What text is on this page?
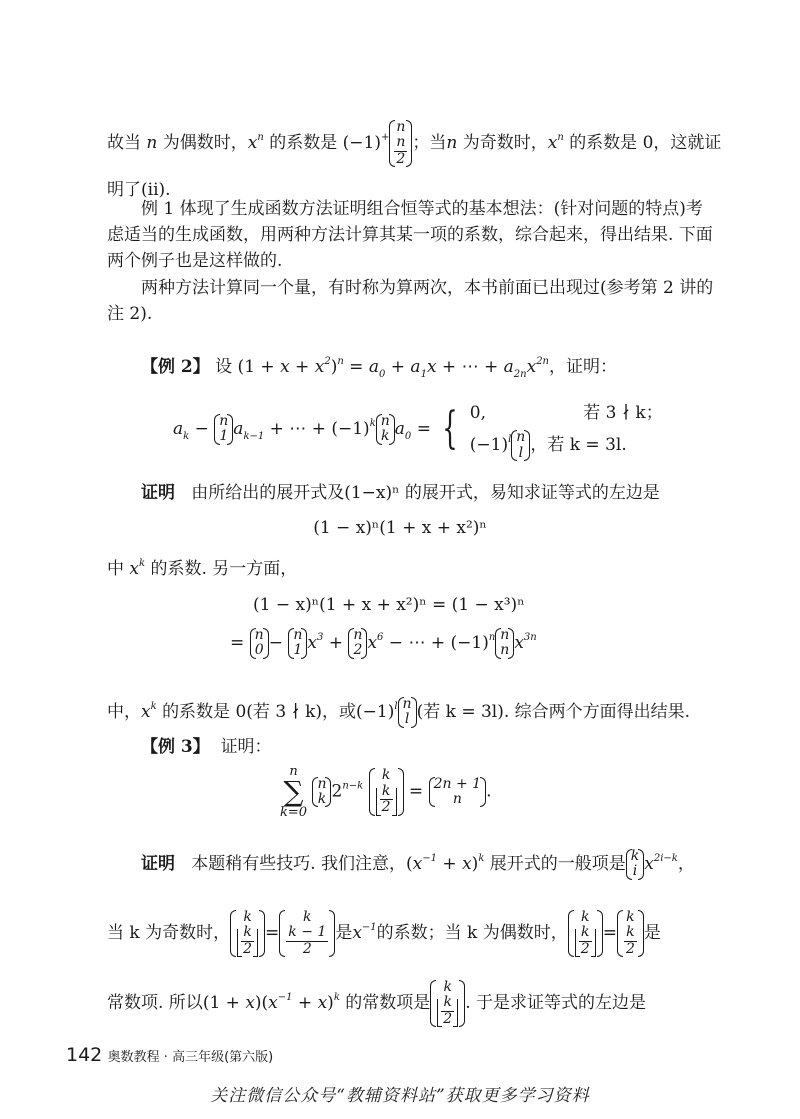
故当 n 为偶数时，$x^n$ 的系数是 (−1)+
n
n
2
；当n 为奇数时，$x^n$ 的系数是 0，这就证
明了(ii).
例 1 体现了生成函数方法证明组合恒等式的基本想法：(针对问题的特点)考
虑适当的生成函数，用两种方法计算其某一项的系数，综合起来，得出结果. 下面
两个例子也是这样做的.
两种方法计算同一个量，有时称为算两次，本书前面已出现过(参考第 2 讲的
注 2).
【例 2】 设 $(1 + x + x^2)^n = a_0 + a_1x$ + ⋯ + $a_{2n}x^{2n}$，证明：
$a_k - n$
1 $a_{k-1}$ + ⋯ + $(-1)^k$ n
k $a_0$ = { 0,                  若 3 ∤ k；
$(-1)^l$ n
l ，若 k = 3l.
证明 由所给出的展开式及(1−x)ⁿ 的展开式，易知求证等式的左边是
(1 − x)ⁿ(1 + x + x²)ⁿ
中 $x^k$ 的系数. 另一方面，
(1 − x)ⁿ(1 + x + x²)ⁿ = (1 − x³)ⁿ
= n
0 − n
1 $x^3 + n$
2 $x^6$ − ⋯ + $(-1)^n$ n
n $x^{3n}$
中，$x^k$ 的系数是 0(若 3 ∤ k)，或$(-1)^l$ n
l (若 k = 3l). 综合两个方面得出结果.
【例 3】 证明：
n
∑
k=0

n
k $2^{n-k}$
k
k
2
= 2n + 1
n	.
证明 本题稍有些技巧. 我们注意，$(x^{-1} + x)^k$ 展开式的一般项是 k
i $x^{2i-k}$，
当 k 为奇数时，
k
k
2
=
k
k − 1
2
是$x^{-1}$的系数；当 k 为偶数时，
k
k
2
=
k
k
2
是
常数项. 所以$(1 + x)(x^{-1} + x)^k$ 的常数项是
k
k
2
. 于是求证等式的左边是
142 奥数教程 · 高三年级(第六版)
关注微信公众号“教辅资料站”获取更多学习资料
